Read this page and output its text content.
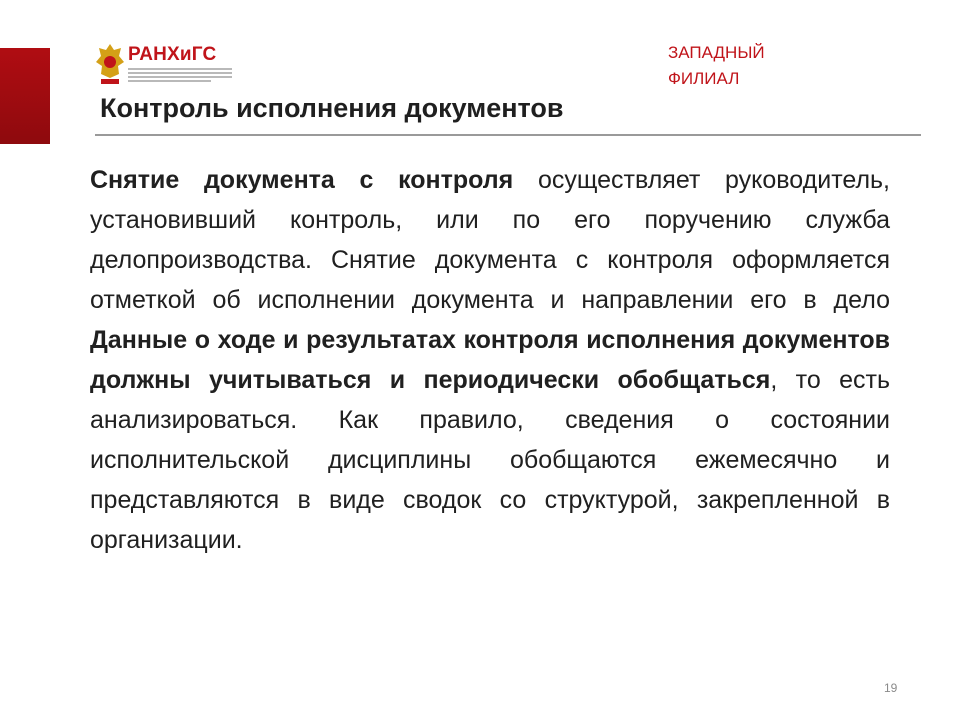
РАНХиГС	ЗАПАДНЫЙ
ФИЛИАЛ
Контроль исполнения документов
Снятие документа с контроля осуществляет руководитель, установивший контроль, или по его поручению служба делопроизводства. Снятие документа с контроля оформляется отметкой об исполнении документа и направлении его в дело Данные о ходе и результатах контроля исполнения документов должны учитываться и периодически обобщаться, то есть анализироваться. Как правило, сведения о состоянии исполнительской дисциплины обобщаются ежемесячно и представляются в виде сводок со структурой, закрепленной в организации.
19
